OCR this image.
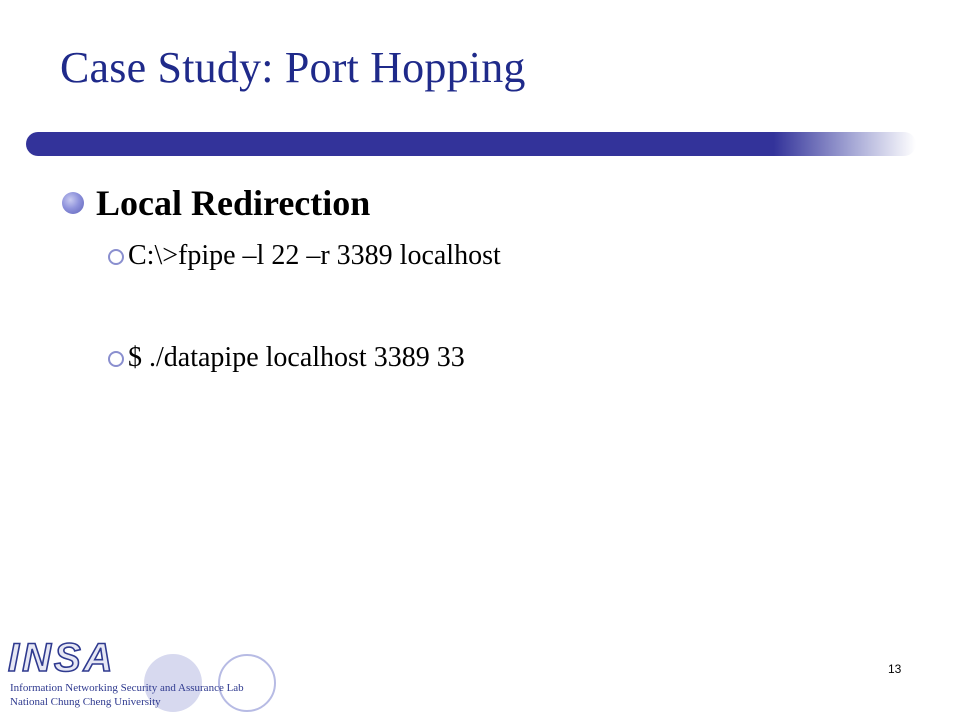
Case Study: Port Hopping
Local Redirection
C:\>fpipe –l 22 –r 3389 localhost
$ ./datapipe localhost 3389 33
INSA
Information Networking Security and Assurance Lab
National Chung Cheng University
13
